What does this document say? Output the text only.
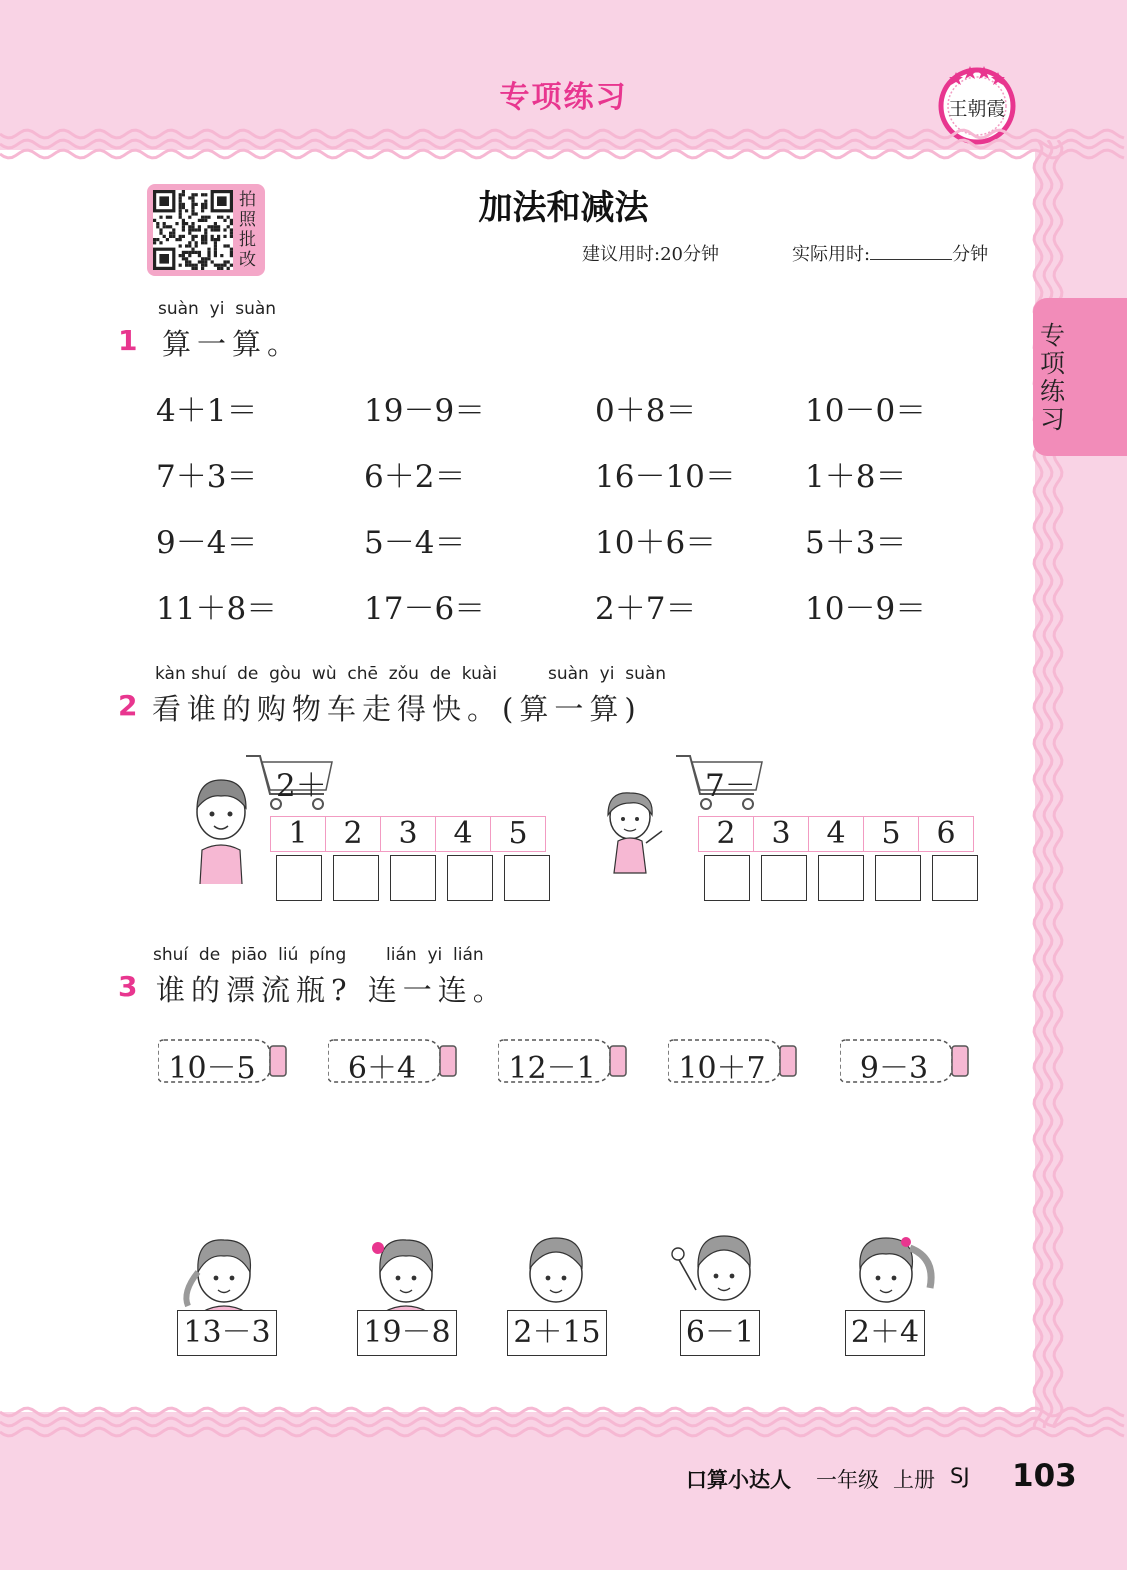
专项练习	王朝霞
拍照批改
加法和减法
建议用时:20分钟	实际用时:	分钟
专项练习
suàn  yi  suàn
1 算一算。
4＋1＝	19－9＝	0＋8＝	10－0＝
7＋3＝	6＋2＝	16－10＝ 1＋8＝
9－4＝	5－4＝	10＋6＝	5＋3＝
11＋8＝	17－6＝	2＋7＝	10－9＝
kàn shuí  de  gòu  wù  chē  zǒu  de  kuài	suàn  yi  suàn
2 看谁的购物车走得快。(算一算)
2＋
1	2	3	4	5
7－
2	3	4	5	6
shuí  de  piāo  liú  píng lián  yi  lián
3 谁的漂流瓶? 连一连。
10－5	6＋4	12－1	10＋7	9－3
13－3	19－8 2＋15	6－1	2＋4
口算小达人 一年级 上册 SJ 103
